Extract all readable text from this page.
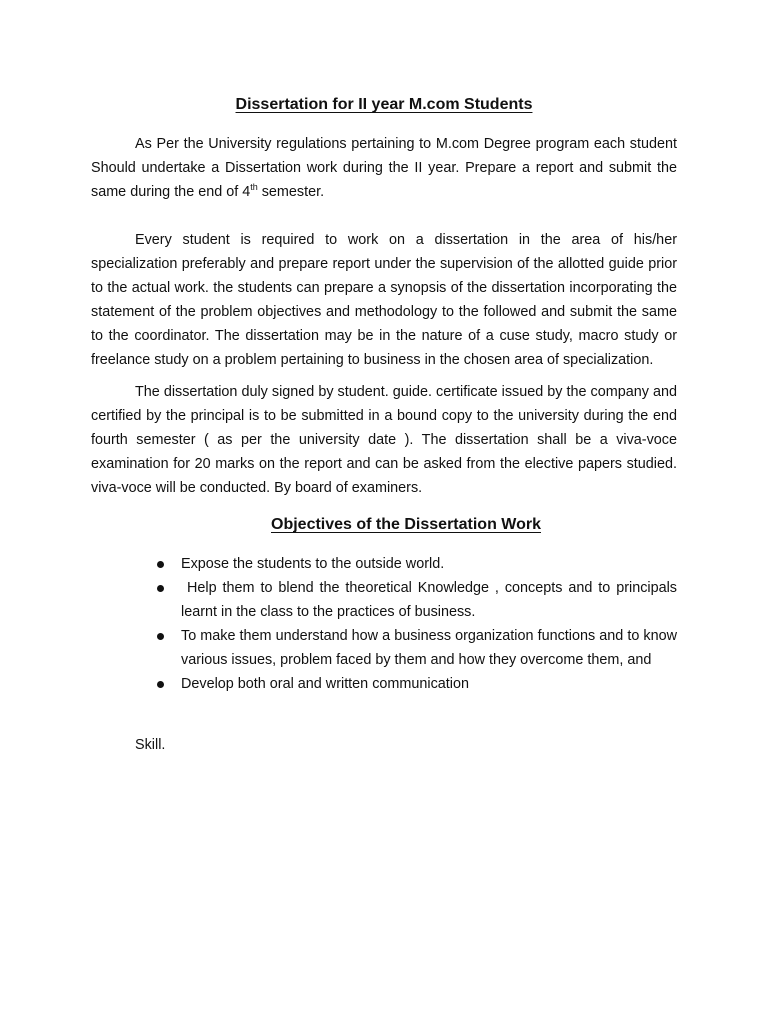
Dissertation for II year M.com Students

As Per the University regulations pertaining to M.com Degree program each student Should undertake a Dissertation work during the II year. Prepare a report and submit the same during the end of 4th semester.

Every student is required to work on a dissertation in the area of his/her specialization preferably and prepare report under the supervision of the allotted guide prior to the actual work. the students can prepare a synopsis of the dissertation incorporating the statement of the problem objectives and methodology to the followed and submit the same to the coordinator. The dissertation may be in the nature of a cuse study, macro study or freelance study on a problem pertaining to business in the chosen area of specialization.

The dissertation duly signed by student. guide. certificate issued by the company and certified by the principal is to be submitted in a bound copy to the university during the end fourth semester ( as per the university date ). The dissertation shall be a viva-voce examination for 20 marks on the report and can be asked from the elective papers studied. viva-voce will be conducted. By board of examiners.

Objectives of the Dissertation Work
Expose the students to the outside world.
Help them to blend the theoretical Knowledge , concepts and to principals learnt in the class to the practices of business.
To make them understand how a business organization functions and to know various issues, problem faced by them and how they overcome them, and
Develop both oral and written communication

Skill.
